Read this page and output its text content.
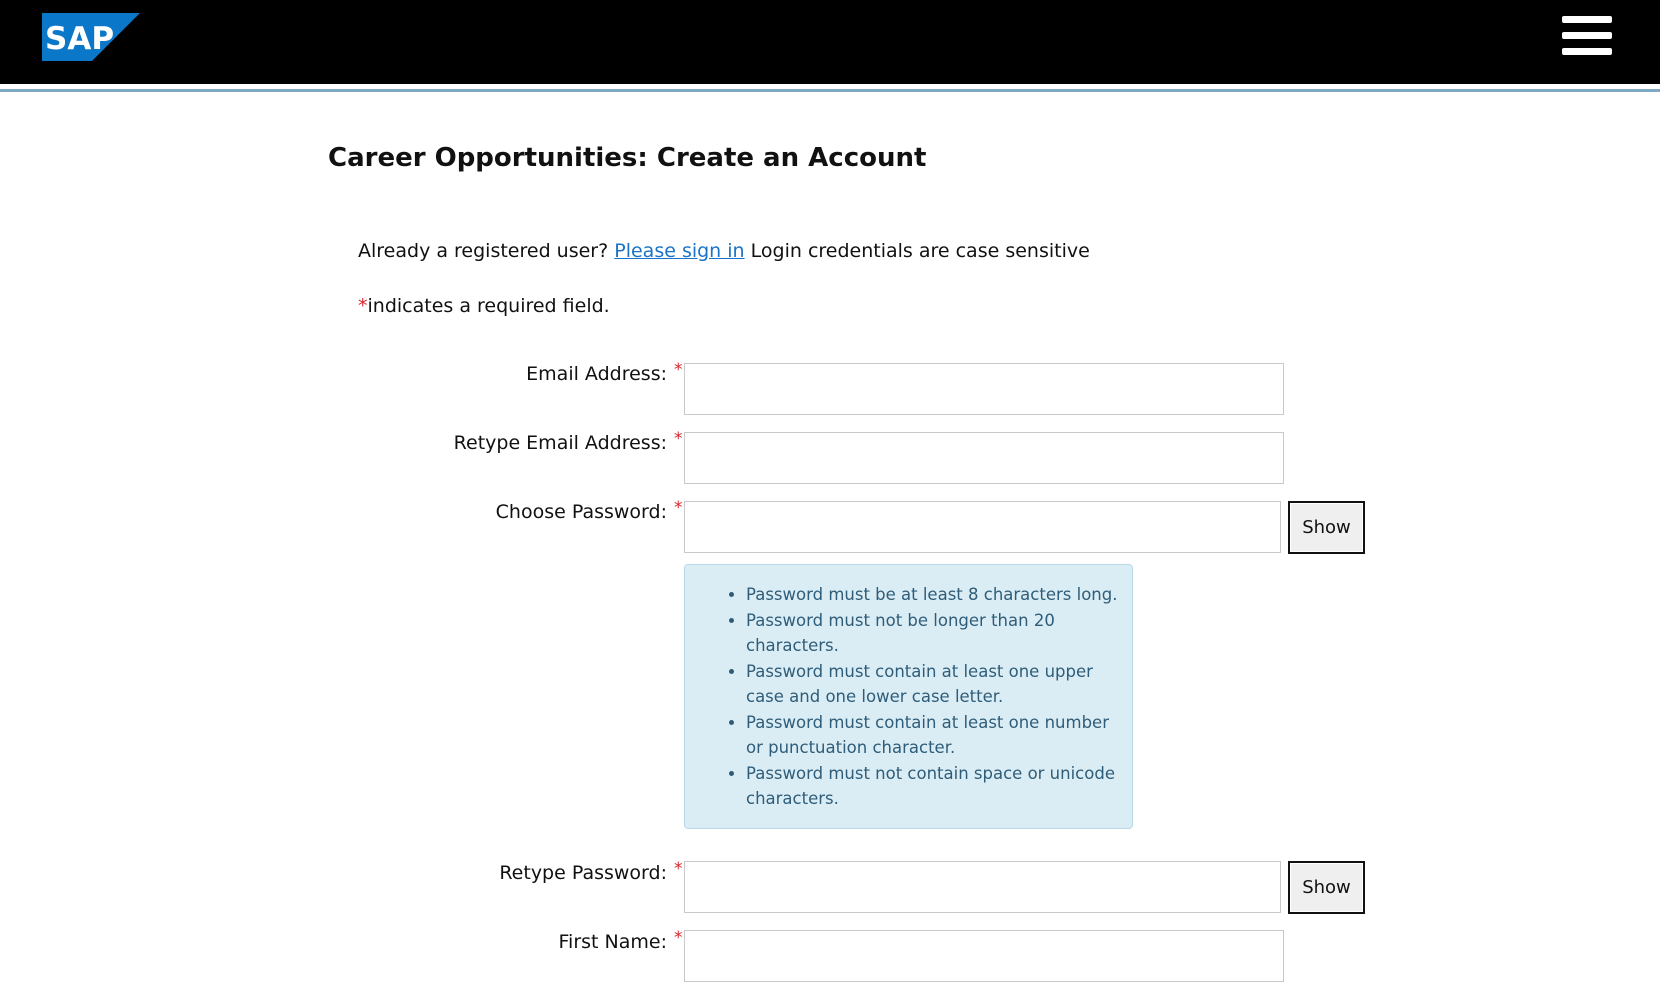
SAP
Career Opportunities: Create an Account
Already a registered user? Please sign in Login credentials are case sensitive
*indicates a required field.
Email Address: *
Retype Email Address: *
Choose Password: *
Show
• Password must be at least 8 characters long.
• Password must not be longer than 20 characters.
• Password must contain at least one upper case and one lower case letter.
• Password must contain at least one number or punctuation character.
• Password must not contain space or unicode characters.
Retype Password: *
Show
First Name: *
